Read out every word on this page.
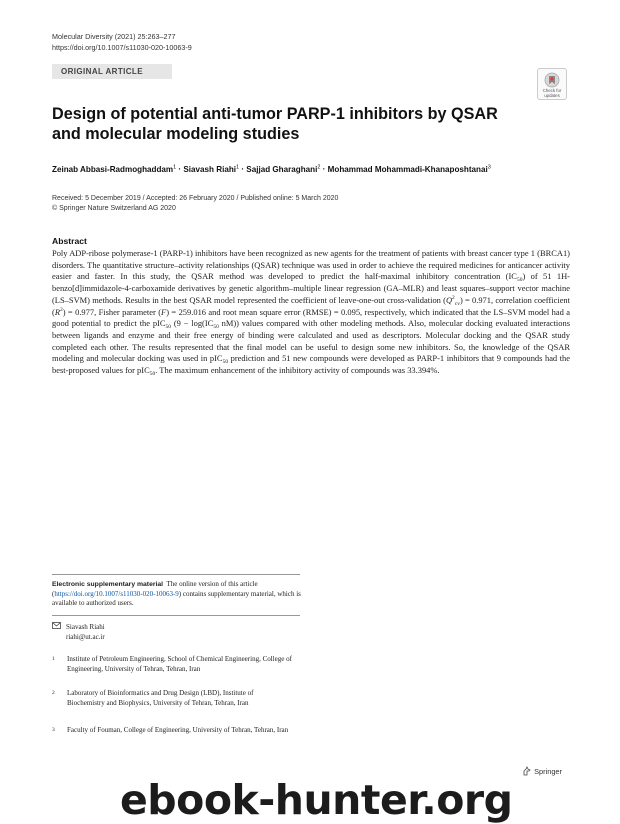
Molecular Diversity (2021) 25:263–277
https://doi.org/10.1007/s11030-020-10063-9
ORIGINAL ARTICLE
Check for
updates
Design of potential anti-tumor PARP-1 inhibitors by QSAR and molecular modeling studies
Zeinab Abbasi-Radmoghaddam$^1$ · Siavash Riahi$^1$ · Sajjad Gharaghani$^2$ · Mohammad Mohammadi-Khanaposhtanai$^3$
Received: 5 December 2019 / Accepted: 26 February 2020 / Published online: 5 March 2020
© Springer Nature Switzerland AG 2020
Abstract
Poly ADP-ribose polymerase-1 (PARP-1) inhibitors have been recognized as new agents for the treatment of patients with breast cancer type 1 (BRCA1) disorders. The quantitative structure–activity relationships (QSAR) technique was used in order to achieve the required medicines for anticancer activity easier and faster. In this study, the QSAR method was developed to predict the half-maximal inhibitory concentration $(IC_{50})$ of 51 1H-benzo[d]immidazole-4-carboxamide derivatives by genetic algorithm–multiple linear regression (GA–MLR) and least squares–support vector machine (LS–SVM) methods. Results in the best QSAR model represented the coefficient of leave-one-out cross-validation $(Q^2_{cv}) = 0.971$, correlation coefficient $(R^2) = 0.977$, Fisher parameter (F) = 259.016 and root mean square error (RMSE) = 0.095, respectively, which indicated that the LS–SVM model had a good potential to predict the pIC$_{50}$ ($9 - \log(IC_{50}$ nM)) values compared with other modeling methods. Also, molecular docking evaluated interactions between ligands and enzyme and their free energy of binding were calculated and used as descriptors. Molecular docking and the QSAR study completed each other. The results represented that the final model can be useful to design some new inhibitors. So, the knowledge of the QSAR modeling and molecular docking was used in pIC$_{50}$ prediction and 51 new compounds were developed as PARP-1 inhibitors that 9 compounds had the best-proposed values for pIC$_{50}$. The maximum enhancement of the inhibitory activity of compounds was 33.394%.
Electronic supplementary material The online version of this article (https://doi.org/10.1007/s11030-020-10063-9) contains supplementary material, which is available to authorized users.
Siavash Riahi
riahi@ut.ac.ir
1	Institute of Petroleum Engineering, School of Chemical Engineering, College of Engineering, University of Tehran, Tehran, Iran
2	Laboratory of Bioinformatics and Drug Design (LBD), Institute of Biochemistry and Biophysics, University of Tehran, Tehran, Iran
3	Faculty of Fouman, College of Engineering, University of Tehran, Tehran, Iran
Springer
ebook-hunter.org
